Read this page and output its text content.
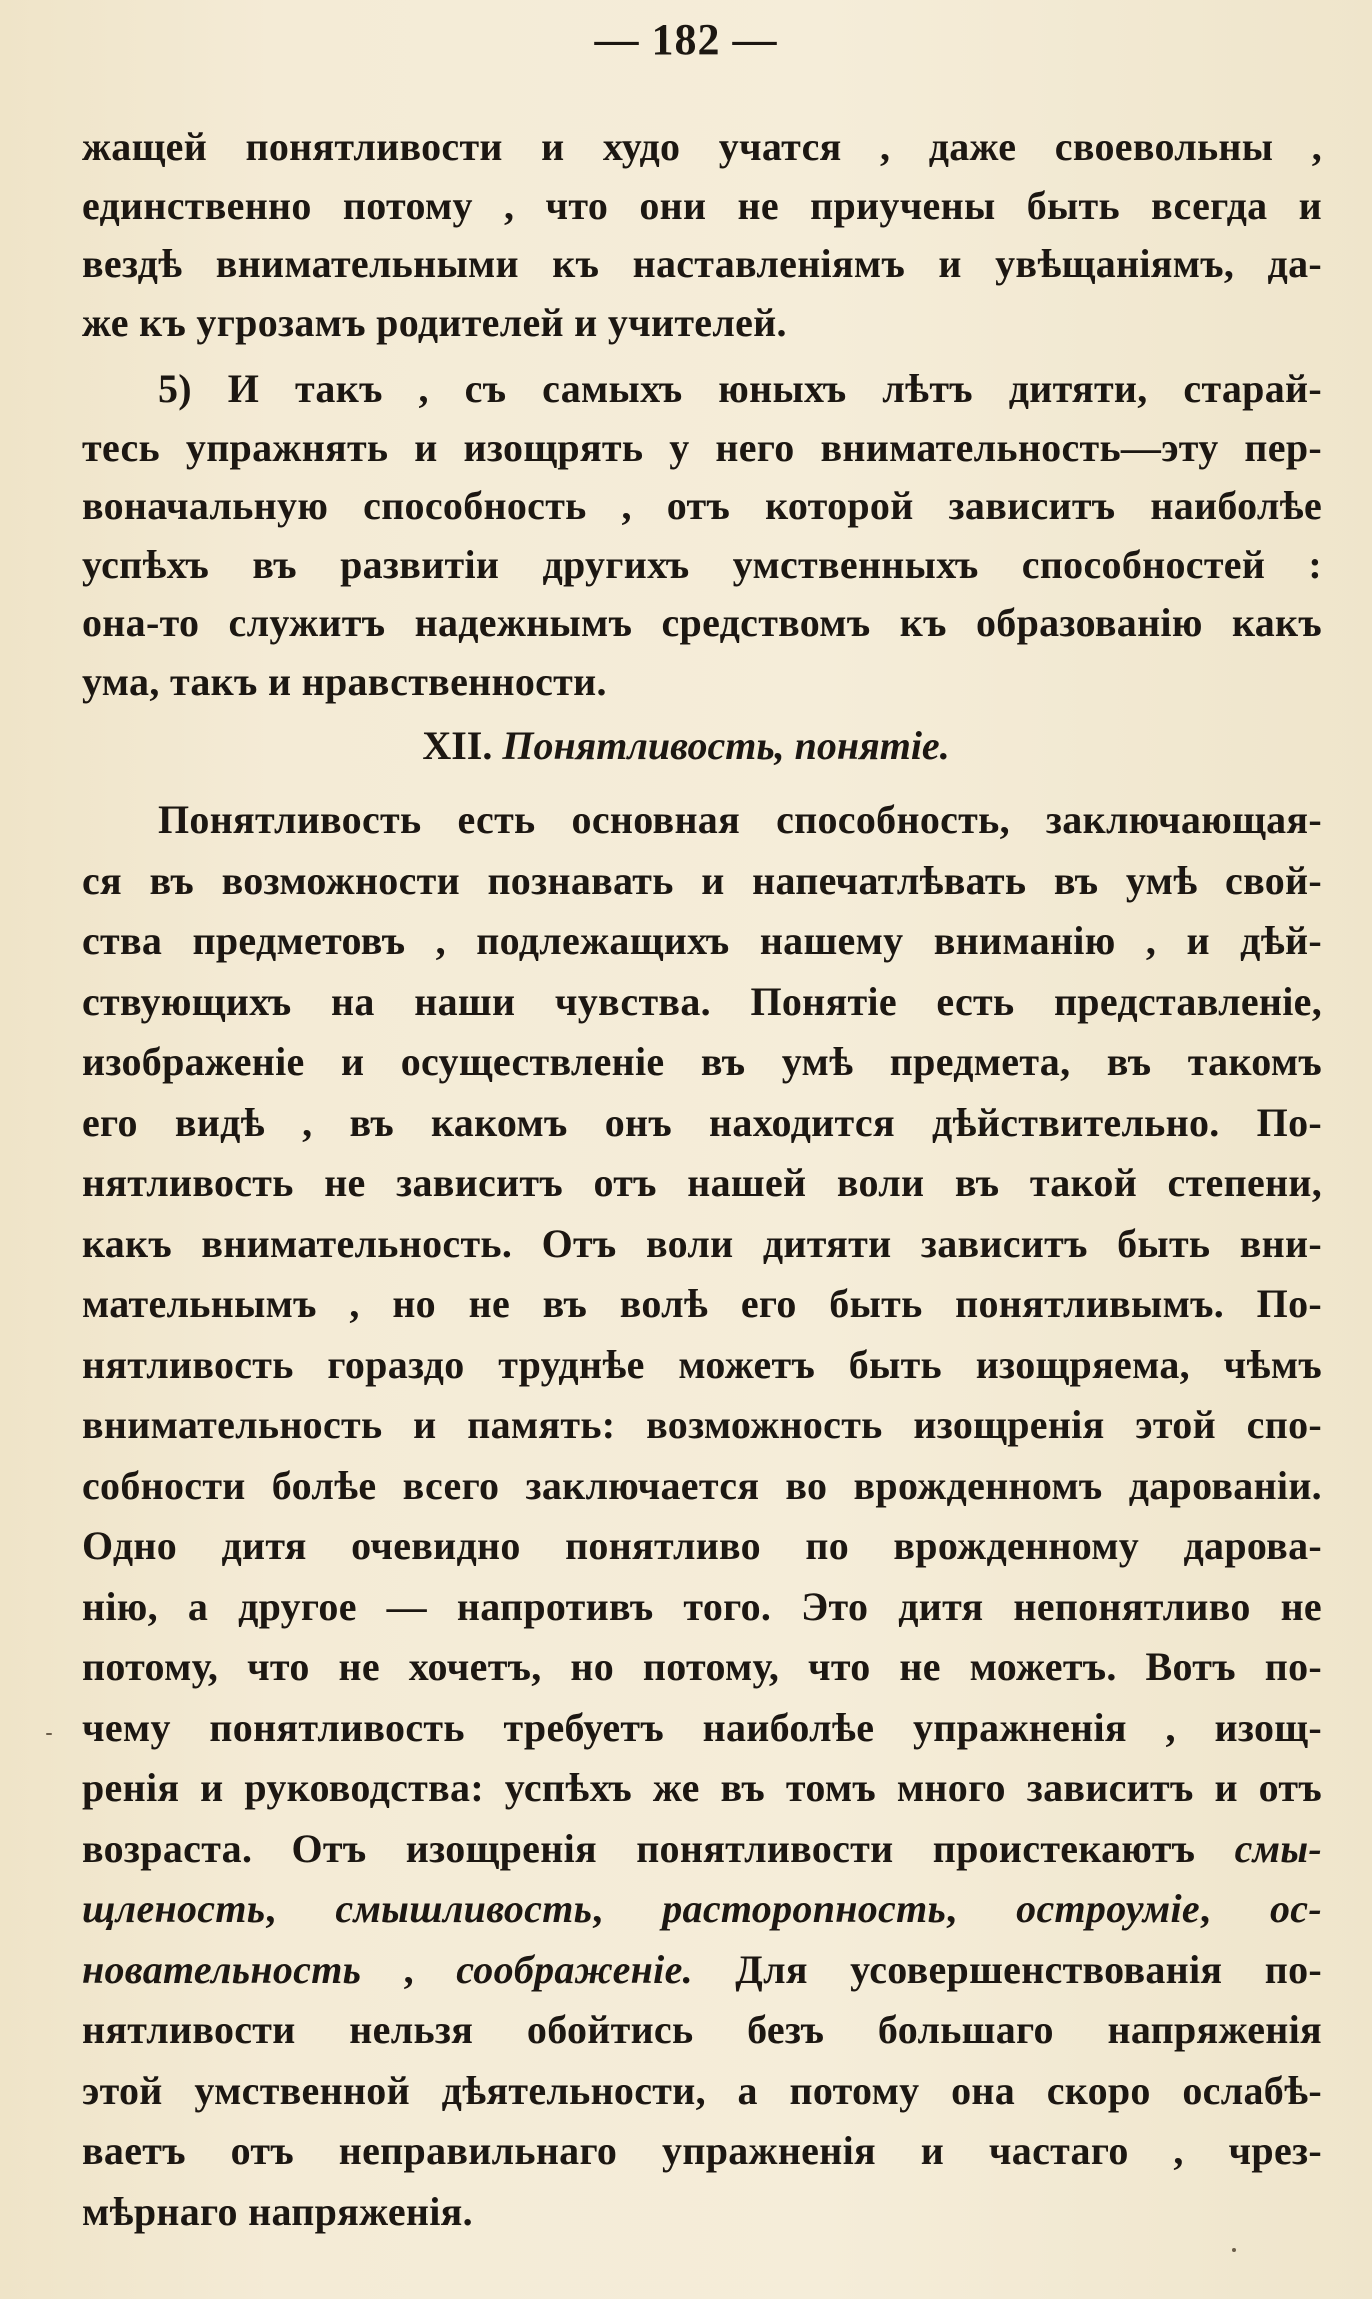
— 182 —
жащей понятливости и худо учатся , даже своевольны ,
единственно потому , что они не приучены быть всегда и
вездѣ внимательными къ наставленіямъ и увѣщаніямъ, да-
же къ угрозамъ родителей и учителей.
5) И такъ , съ самыхъ юныхъ лѣтъ дитяти, старай-
тесь упражнять и изощрять у него внимательность—эту пер-
воначальную способность , отъ которой зависитъ наиболѣе
успѣхъ въ развитіи другихъ умственныхъ способностей :
она-то служитъ надежнымъ средствомъ къ образованію какъ
ума, такъ и нравственности.
XII. Понятливость, понятіе.
Понятливость есть основная способность, заключающая-
ся въ возможности познавать и напечатлѣвать въ умѣ свой-
ства предметовъ , подлежащихъ нашему вниманію , и дѣй-
ствующихъ на наши чувства. Понятіе есть представленіе,
изображеніе и осуществленіе въ умѣ предмета, въ такомъ
его видѣ , въ какомъ онъ находится дѣйствительно. По-
нятливость не зависитъ отъ нашей воли въ такой степени,
какъ внимательность. Отъ воли дитяти зависитъ быть вни-
мательнымъ , но не въ волѣ его быть понятливымъ. По-
нятливость гораздо труднѣе можетъ быть изощряема, чѣмъ
внимательность и память: возможность изощренія этой спо-
собности болѣе всего заключается во врожденномъ дарованіи.
Одно дитя очевидно понятливо по врожденному дарова-
нію, а другое — напротивъ того. Это дитя непонятливо не
потому, что не хочетъ, но потому, что не можетъ. Вотъ по-
чему понятливость требуетъ наиболѣе упражненія , изощ-
ренія и руководства: успѣхъ же въ томъ много зависитъ и отъ
возраста. Отъ изощренія понятливости проистекаютъ смы-
щленость, смышливость, расторопность, остроуміе, ос-
новательность , соображеніе. Для усовершенствованія по-
нятливости нельзя обойтись безъ большаго напряженія
этой умственной дѣятельности, а потому она скоро ослабѣ-
ваетъ отъ неправильнаго упражненія и частаго , чрез-
мѣрнаго напряженія.
